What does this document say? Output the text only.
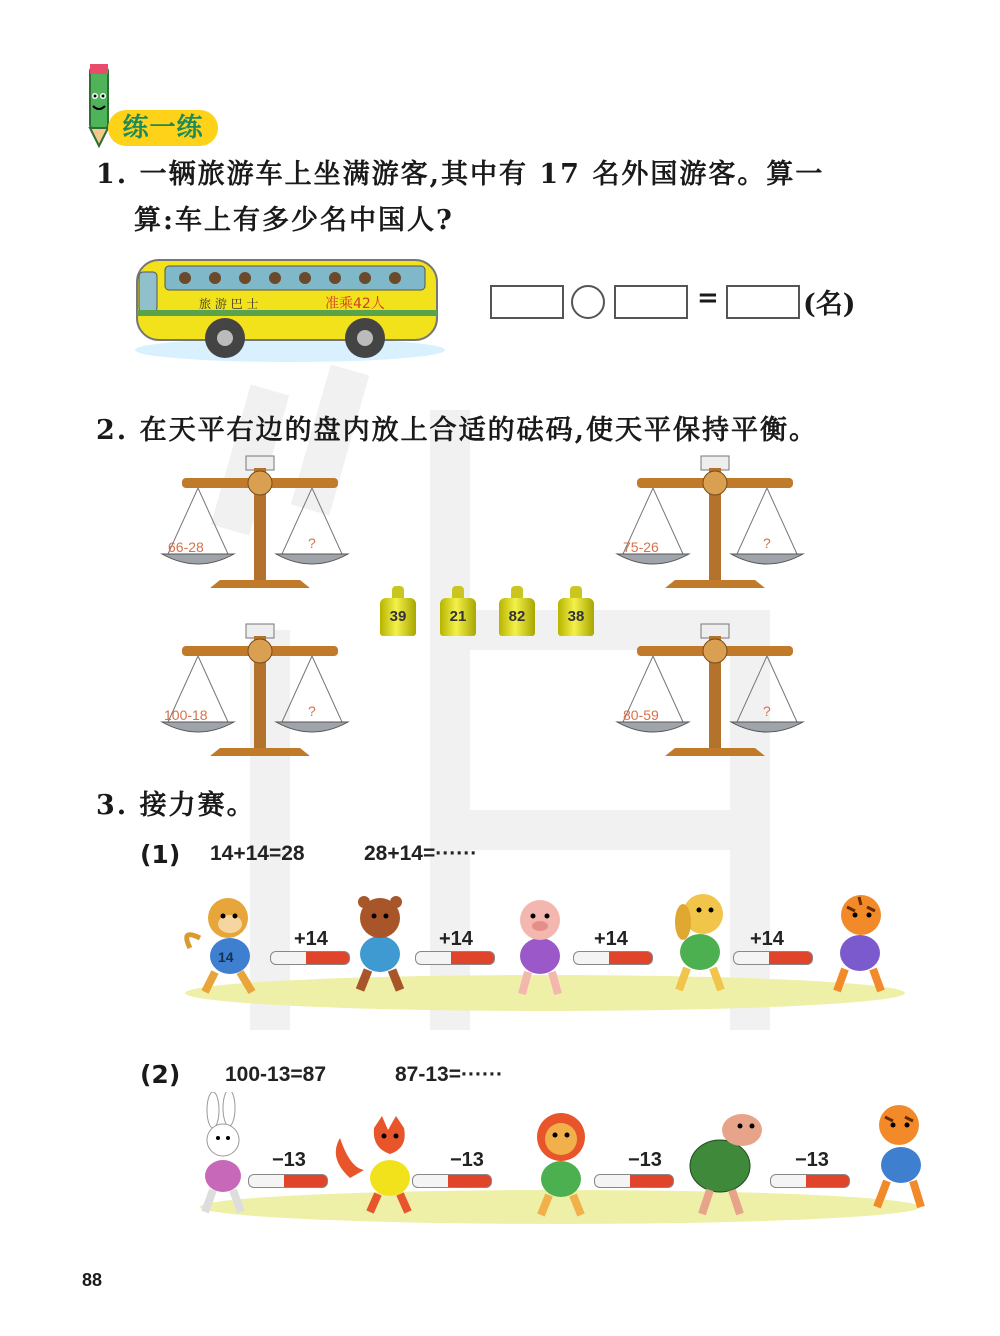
练一练
1. 一辆旅游车上坐满游客,其中有 17 名外国游客。算一
算:车上有多少名中国人?
旅 游 巴 士	准乘42人	=	(名)
2. 在天平右边的盘内放上合适的砝码,使天平保持平衡。
66-28	?	75-26	?
100-18	?	80-59	?
39	21	82	38
3. 接力赛。
(1) 14+14=28	28+14=······
14
+14	+14	+14	+14
(2) 100-13=87	87-13=······
−13	−13	−13	−13
88
